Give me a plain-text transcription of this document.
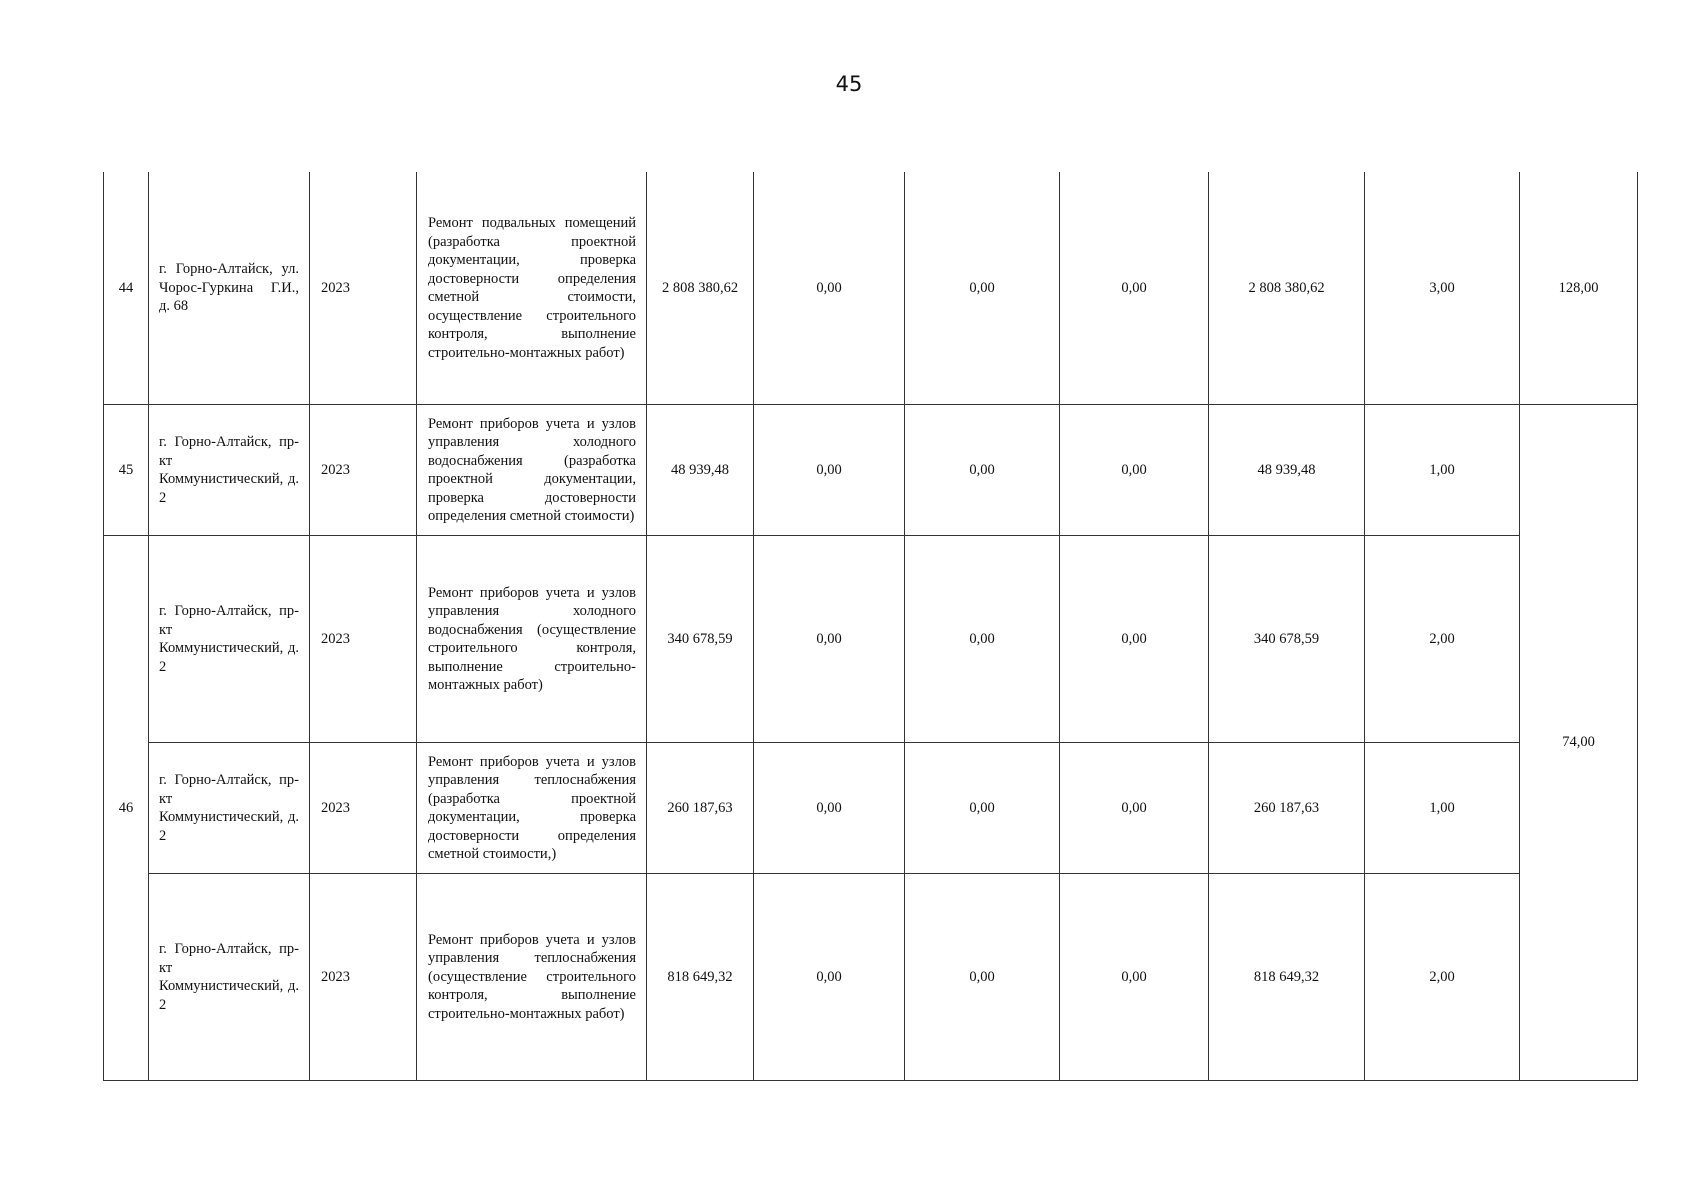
45
44	г. Горно-Алтайск, ул. Чорос-Гуркина Г.И., д. 68	2023	Ремонт подвальных помещений (разработка проектной документации, проверка достоверности определения сметной стоимости, осуществление строительного контроля, выполнение строительно-монтажных работ)	2 808 380,62	0,00	0,00	0,00	2 808 380,62	3,00	128,00
45	г. Горно-Алтайск, пр-кт Коммунистический, д. 2	2023	Ремонт приборов учета и узлов управления холодного водоснабжения (разработка проектной документации, проверка достоверности определения сметной стоимости)	48 939,48	0,00	0,00	0,00	48 939,48	1,00	74,00
46	г. Горно-Алтайск, пр-кт Коммунистический, д. 2	2023	Ремонт приборов учета и узлов управления холодного водоснабжения (осуществление строительного контроля, выполнение строительно-монтажных работ)	340 678,59	0,00	0,00	0,00	340 678,59	2,00	
	г. Горно-Алтайск, пр-кт Коммунистический, д. 2	2023	Ремонт приборов учета и узлов управления теплоснабжения (разработка проектной документации, проверка достоверности определения сметной стоимости,)	260 187,63	0,00	0,00	0,00	260 187,63	1,00	
	г. Горно-Алтайск, пр-кт Коммунистический, д. 2	2023	Ремонт приборов учета и узлов управления теплоснабжения (осуществление строительного контроля, выполнение строительно-монтажных работ)	818 649,32	0,00	0,00	0,00	818 649,32	2,00	
